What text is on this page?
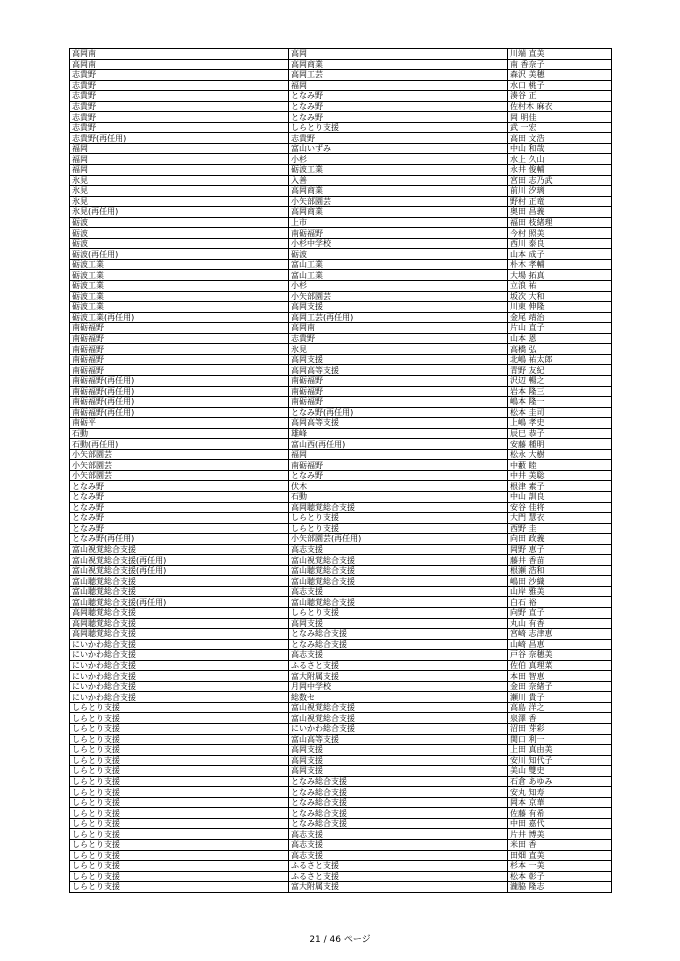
高岡南	高岡	川端 直美
高岡南	高岡商業	南 香奈子
志貴野	高岡工芸	森沢 美穂
志貴野	福岡	水口 桃子
志貴野	となみ野	湊谷 正
志貴野	となみ野	佐村木 麻衣
志貴野	となみ野	岡 明佳
志貴野	しらとり支援	武 一宏
志貴野(再任用)	志貴野	高田 文浩
福岡	富山いずみ	中山 和哉
福岡	小杉	水上 久山
福岡	砺波工業	永井 俊輔
氷見	入善	宮田 志乃武
氷見	高岡商業	前川 汐璃
氷見	小矢部園芸	野村 正竜
氷見(再任用)	高岡商業	奥田 昌義
砺波	上市	福田 枝緒理
砺波	南砺福野	今村 照美
砺波	小杉中学校	西川 泰良
砺波(再任用)	砺波	山本 成子
砺波工業	富山工業	朴木 孝輔
砺波工業	富山工業	大場 拓真
砺波工業	小杉	立浪 祐
砺波工業	小矢部園芸	坂次 大和
砺波工業	高岡支援	川東 伸隆
砺波工業(再任用)	高岡工芸(再任用)	金尾 靖治
南砺福野	高岡南	片山 直子
南砺福野	志貴野	山本 恩
南砺福野	氷見	高橋 弘
南砺福野	高岡支援	北嶋 祐太郎
南砺福野	高岡高等支援	青野 友紀
南砺福野(再任用)	南砺福野	沢辺 暢之
南砺福野(再任用)	南砺福野	岩本 隆三
南砺福野(再任用)	南砺福野	嶋本 隆一
南砺福野(再任用)	となみ野(再任用)	松本 圭司
南砺平	高岡高等支援	上嶋 孝史
石動	雄峰	辰巳 恭子
石動(再任用)	富山西(再任用)	安藤 種明
小矢部園芸	福岡	松永 大樹
小矢部園芸	南砺福野	中藪 睦
小矢部園芸	となみ野	中井 美聡
となみ野	伏木	根津 素子
となみ野	石動	中山 訓良
となみ野	高岡聴覚総合支援	安谷 佳将
となみ野	しらとり支援	大門 慧衣
となみ野	しらとり支援	西野 圭
となみ野(再任用)	小矢部園芸(再任用)	向田 政義
富山視覚総合支援	高志支援	岡野 恵子
富山視覚総合支援(再任用)	富山視覚総合支援	藤井 香苗
富山視覚総合支援(再任用)	富山聴覚総合支援	根瀬 浩和
富山聴覚総合支援	富山聴覚総合支援	嶋田 沙織
富山聴覚総合支援	高志支援	山岸 雅美
富山聴覚総合支援(再任用)	富山聴覚総合支援	白石 裕
高岡聴覚総合支援	しらとり支援	向野 直子
高岡聴覚総合支援	高岡支援	丸山 有香
高岡聴覚総合支援	となみ総合支援	宮崎 志津恵
にいかわ総合支援	となみ総合支援	山崎 昌恵
にいかわ総合支援	高志支援	戸谷 奈穂美
にいかわ総合支援	ふるさと支援	佐伯 真理菜
にいかわ総合支援	富大附属支援	本田 智恵
にいかわ総合支援	月岡中学校	金田 奈緒子
にいかわ総合支援	総数セ	瀬川 貴子
しらとり支援	富山視覚総合支援	高島 洋之
しらとり支援	富山視覚総合支援	泉澤 香
しらとり支援	にいかわ総合支援	沼田 芽彩
しらとり支援	富山高等支援	関口 利一
しらとり支援	高岡支援	上田 真由美
しらとり支援	高岡支援	安川 知代子
しらとり支援	高岡支援	美山 雙史
しらとり支援	となみ総合支援	石倉 あゆみ
しらとり支援	となみ総合支援	安丸 知寿
しらとり支援	となみ総合支援	岡本 京華
しらとり支援	となみ総合支援	佐藤 有希
しらとり支援	となみ総合支援	中田 嘉代
しらとり支援	高志支援	片井 博美
しらとり支援	高志支援	米田 香
しらとり支援	高志支援	田畑 直美
しらとり支援	ふるさと支援	杉本 一美
しらとり支援	ふるさと支援	松本 彰子
しらとり支援	富大附属支援	瀧脇 隆志
21 / 46 ページ
